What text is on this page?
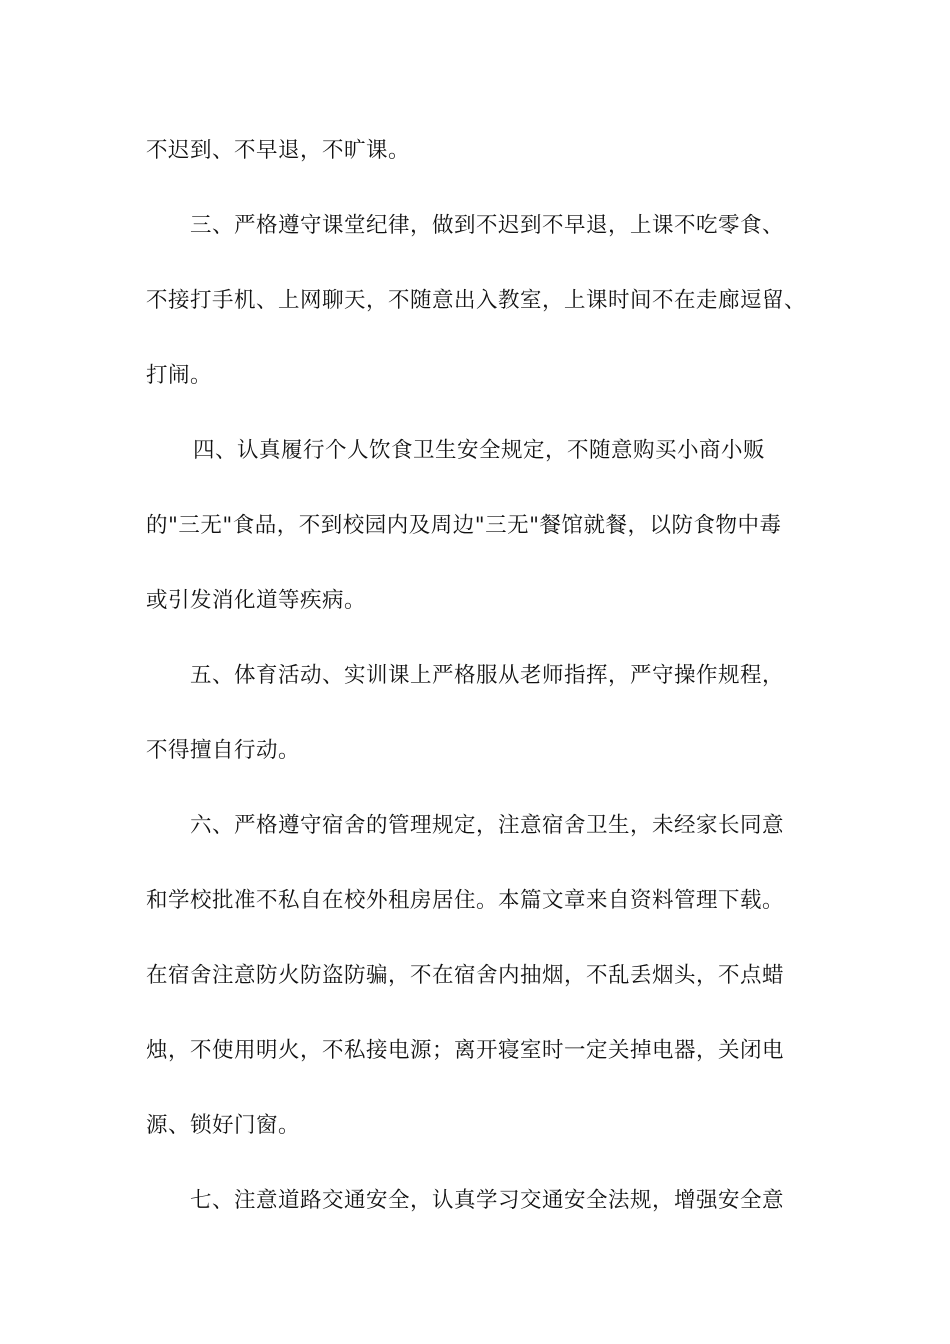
不迟到、不早退，不旷课。
三、严格遵守课堂纪律，做到不迟到不早退，上课不吃零食、
不接打手机、上网聊天，不随意出入教室，上课时间不在走廊逗留、
打闹。
四、认真履行个人饮食卫生安全规定，不随意购买小商小贩
的"三无"食品，不到校园内及周边"三无"餐馆就餐，以防食物中毒
或引发消化道等疾病。
五、体育活动、实训课上严格服从老师指挥，严守操作规程，
不得擅自行动。
六、严格遵守宿舍的管理规定，注意宿舍卫生，未经家长同意
和学校批准不私自在校外租房居住。本篇文章来自资料管理下载。
在宿舍注意防火防盗防骗，不在宿舍内抽烟，不乱丢烟头，不点蜡
烛，不使用明火，不私接电源；离开寝室时一定关掉电器，关闭电
源、锁好门窗。
七、注意道路交通安全，认真学习交通安全法规，增强安全意
